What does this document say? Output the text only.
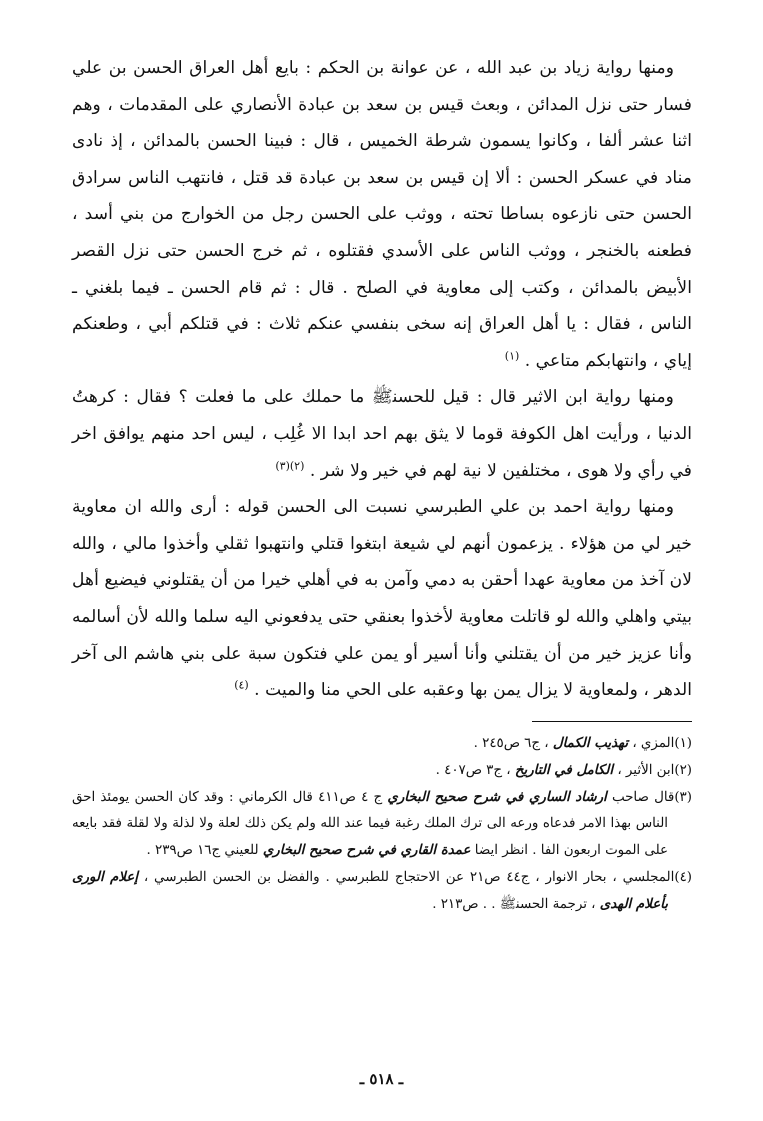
ومنها رواية زياد بن عبد الله ، عن عوانة بن الحكم : بايع أهل العراق الحسن بن علي فسار حتى نزل المدائن ، وبعث قيس بن سعد بن عبادة الأنصاري على المقدمات ، وهم اثنا عشر ألفا ، وكانوا يسمون شرطة الخميس ، قال : فبينا الحسن بالمدائن ، إذ نادى مناد في عسكر الحسن : ألا إن قيس بن سعد بن عبادة قد قتل ، فانتهب الناس سرادق الحسن حتى نازعوه بساطا تحته ، ووثب على الحسن رجل من الخوارج من بني أسد ، فطعنه بالخنجر ، ووثب الناس على الأسدي فقتلوه ، ثم خرج الحسن حتى نزل القصر الأبيض بالمدائن ، وكتب إلى معاوية في الصلح . قال : ثم قام الحسن ـ فيما بلغني ـ الناس ، فقال : يا أهل العراق إنه سخى بنفسي عنكم ثلاث : في قتلكم أبي ، وطعنكم إياي ، وانتهابكم متاعي . $^{(١)}$

ومنها رواية ابن الاثير قال : قيل للحسن‍ﷺ ما حملك على ما فعلت ؟ فقال : كرهتُ الدنيا ، ورأيت اهل الكوفة قوما لا يثق بهم احد ابدا الا غُلِب ، ليس احد منهم يوافق اخر في رأي ولا هوى ، مختلفين لا نية لهم في خير ولا شر . $^{(٢)(٣)}$

ومنها رواية احمد بن علي الطبرسي نسبت الى الحسن قوله : أرى والله ان معاوية خير لي من هؤلاء . يزعمون أنهم لي شيعة ابتغوا قتلي وانتهبوا ثقلي وأخذوا مالي ، والله لان آخذ من معاوية عهدا أحقن به دمي وآمن به في أهلي خيرا من أن يقتلوني فيضيع أهل بيتي واهلي والله لو قاتلت معاوية لأخذوا بعنقي حتى يدفعوني اليه سلما والله لأن أسالمه وأنا عزيز خير من أن يقتلني وأنا أسير أو يمن علي فتكون سبة على بني هاشم الى آخر الدهر ، ولمعاوية لا يزال يمن بها وعقبه على الحي منا والميت . $^{(٤)}$

(١)المزي ، تهذيب الكمال ، ج٦ ص٢٤٥ .

(٢)ابن الأثير ، الكامل في التاريخ ، ج٣ ص٤٠٧ .

(٣)قال صاحب ارشاد الساري في شرح صحيح البخاري ج ٤ ص٤١١ قال الكرماني : وقد كان الحسن يومئذ احق الناس بهذا الامر فدعاه ورعه الى ترك الملك رغبة فيما عند الله ولم يكن ذلك لعلة ولا لذلة ولا لقلة فقد بايعه على الموت اربعون الفا . انظر ايضا عمدة القاري في شرح صحيح البخاري للعيني ج١٦ ص٢٣٩ .

(٤)المجلسي ، بحار الانوار ، ج٤٤ ص٢١ عن الاحتجاج للطبرسي . والفضل بن الحسن الطبرسي ، إعلام الورى بأعلام الهدى ، ترجمة الحسن‍ﷺ . . ص٢١٣ .

ـ ٥١٨ ـ
